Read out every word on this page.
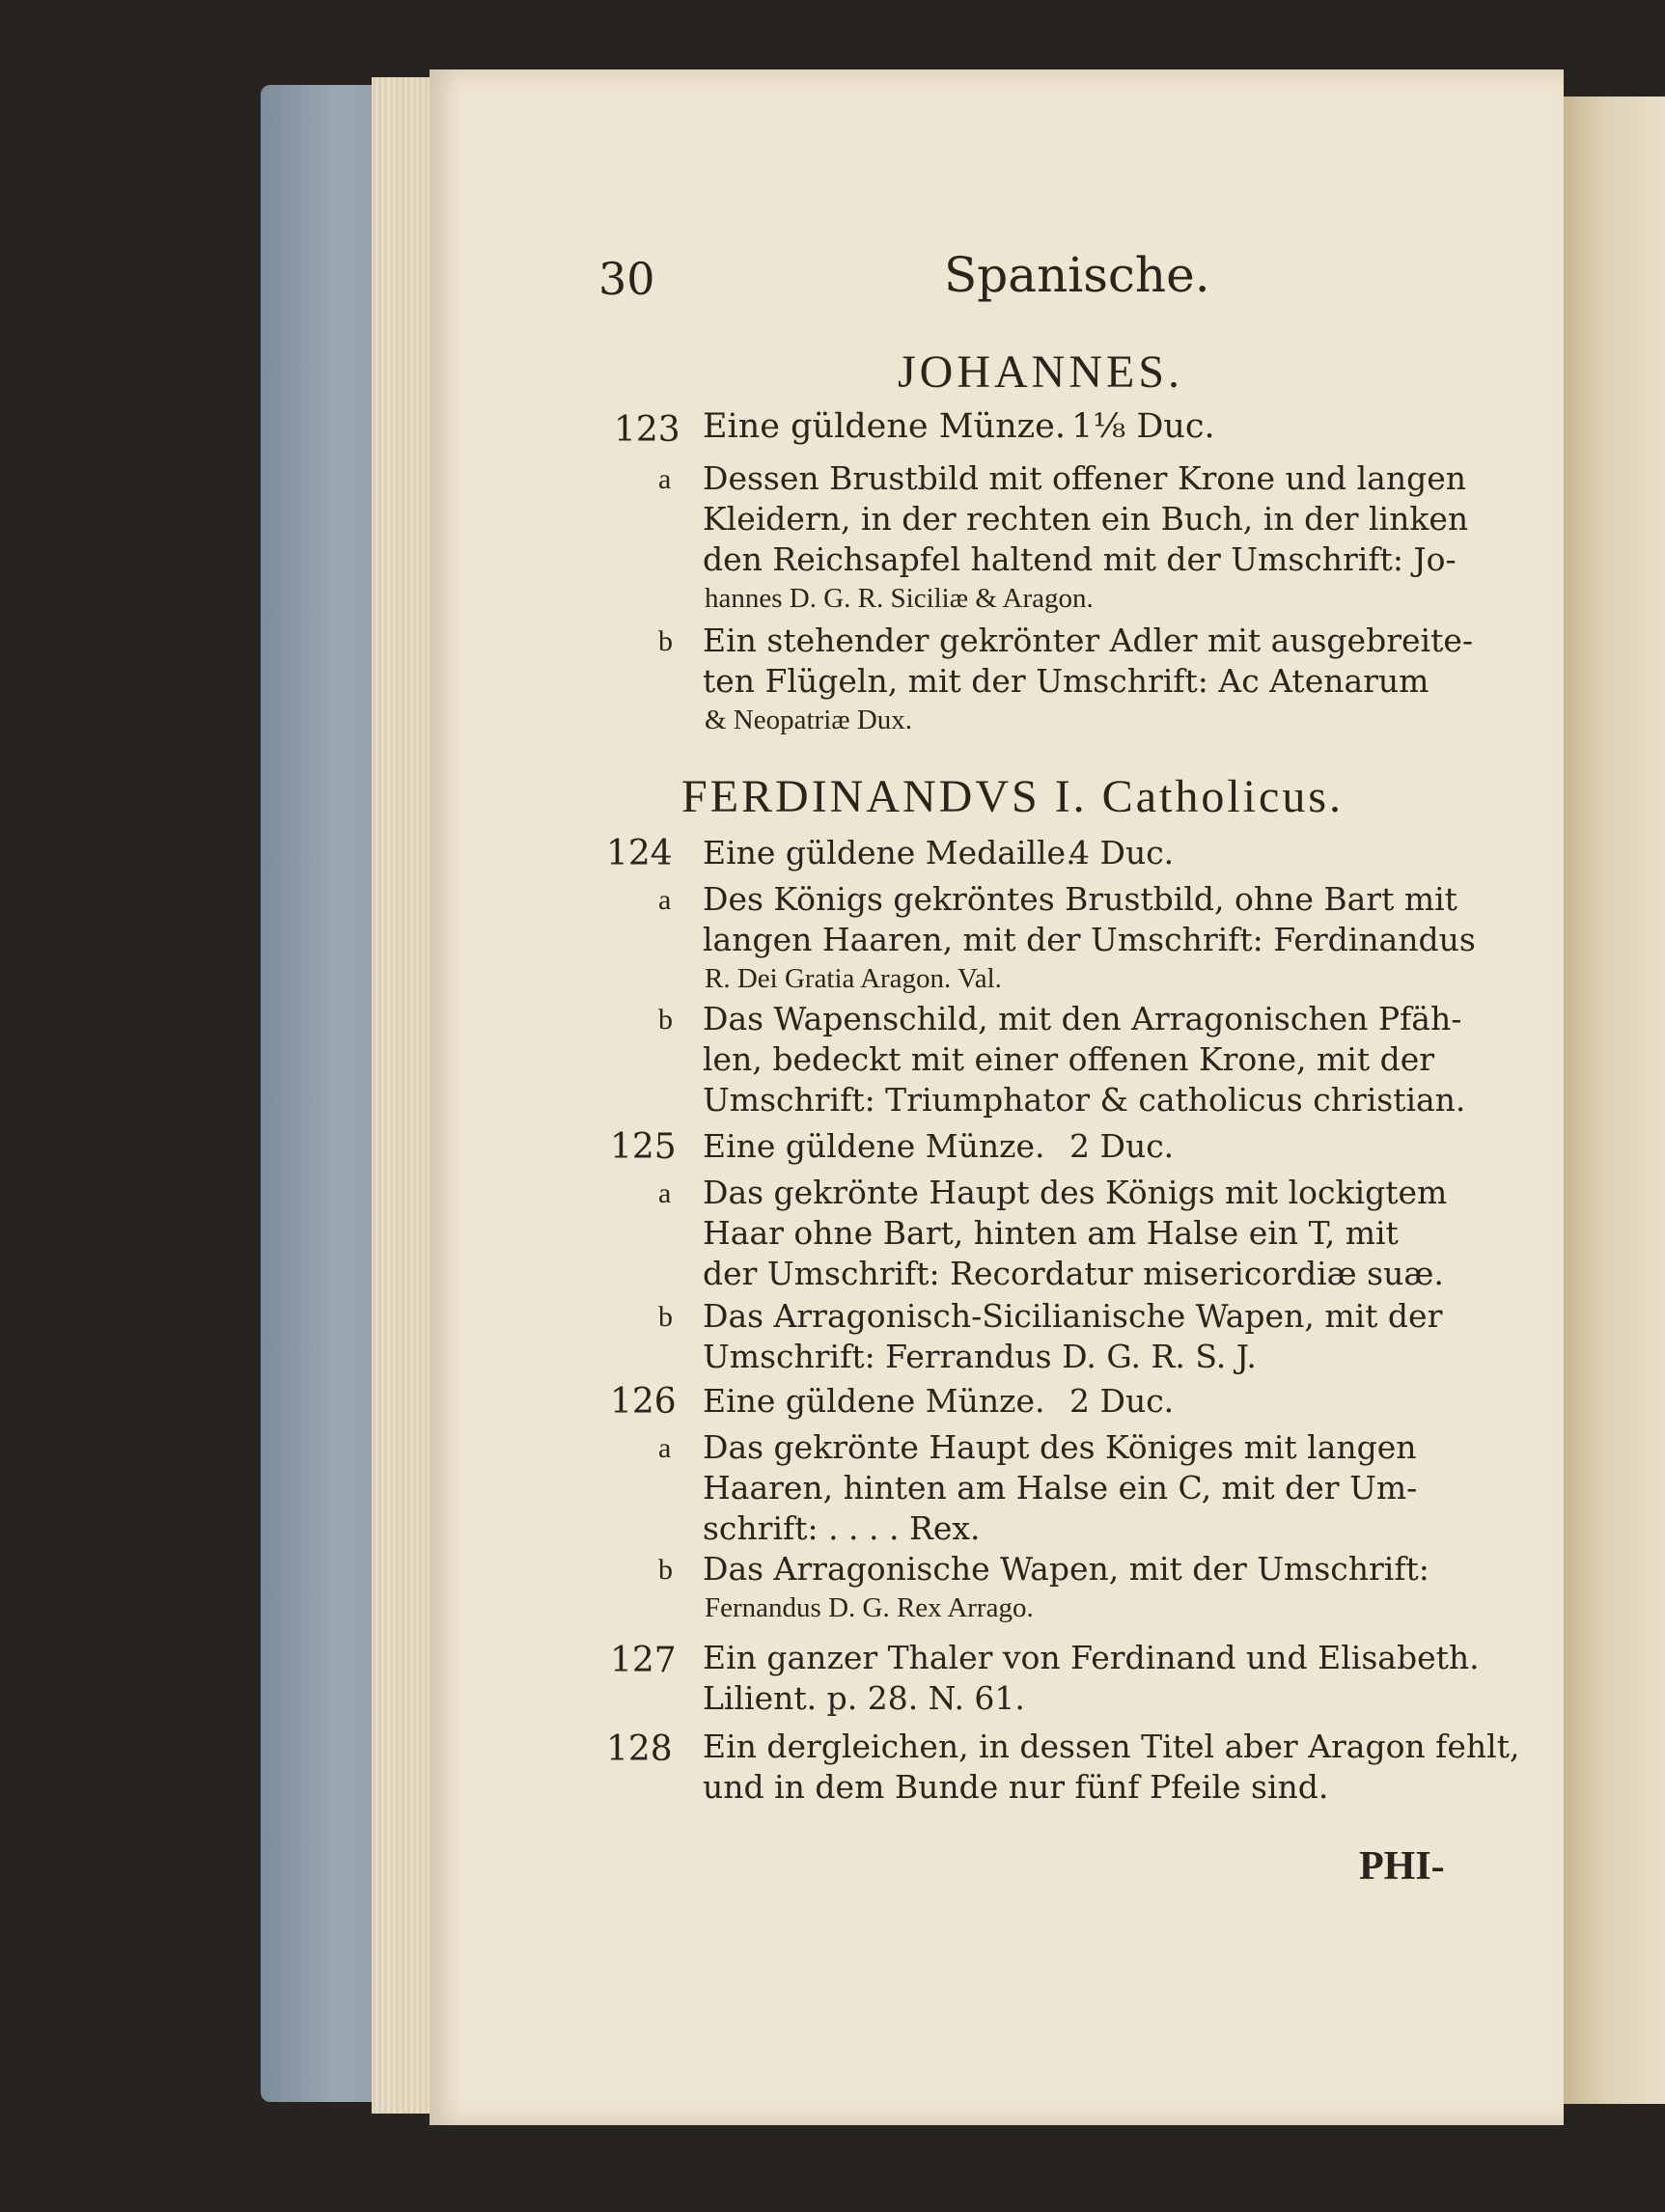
30	Spanische.
JOHANNES.
123 Eine güldene Münze. 1⅛ Duc.
a Dessen Brustbild mit offener Krone und langen
Kleidern, in der rechten ein Buch, in der linken
den Reichsapfel haltend mit der Umschrift: Jo-
hannes D. G. R. Siciliæ & Aragon.
b Ein stehender gekrönter Adler mit ausgebreite-
ten Flügeln, mit der Umschrift: Ac Atenarum
& Neopatriæ Dux.
FERDINANDVS I. Catholicus.
124 Eine güldene Medaille.
4 Duc.
a Des Königs gekröntes Brustbild, ohne Bart mit
langen Haaren, mit der Umschrift: Ferdinandus
R. Dei Gratia Aragon. Val.
b Das Wapenschild, mit den Arragonischen Pfäh-
len, bedeckt mit einer offenen Krone, mit der
Umschrift: Triumphator & catholicus christian.
125 Eine güldene Münze. 2 Duc.
a Das gekrönte Haupt des Königs mit lockigtem
Haar ohne Bart, hinten am Halse ein T, mit
der Umschrift: Recordatur misericordiæ suæ.
b Das Arragonisch-Sicilianische Wapen, mit der
Umschrift: Ferrandus D. G. R. S. J.
126 Eine güldene Münze. 2 Duc.
a Das gekrönte Haupt des Königes mit langen
Haaren, hinten am Halse ein C, mit der Um-
schrift: . . . . Rex.
b Das Arragonische Wapen, mit der Umschrift:
Fernandus D. G. Rex Arrago.
127 Ein ganzer Thaler von Ferdinand und Elisabeth.
Lilient. p. 28. N. 61.
128 Ein dergleichen, in dessen Titel aber Aragon fehlt,
und in dem Bunde nur fünf Pfeile sind.
PHI-
